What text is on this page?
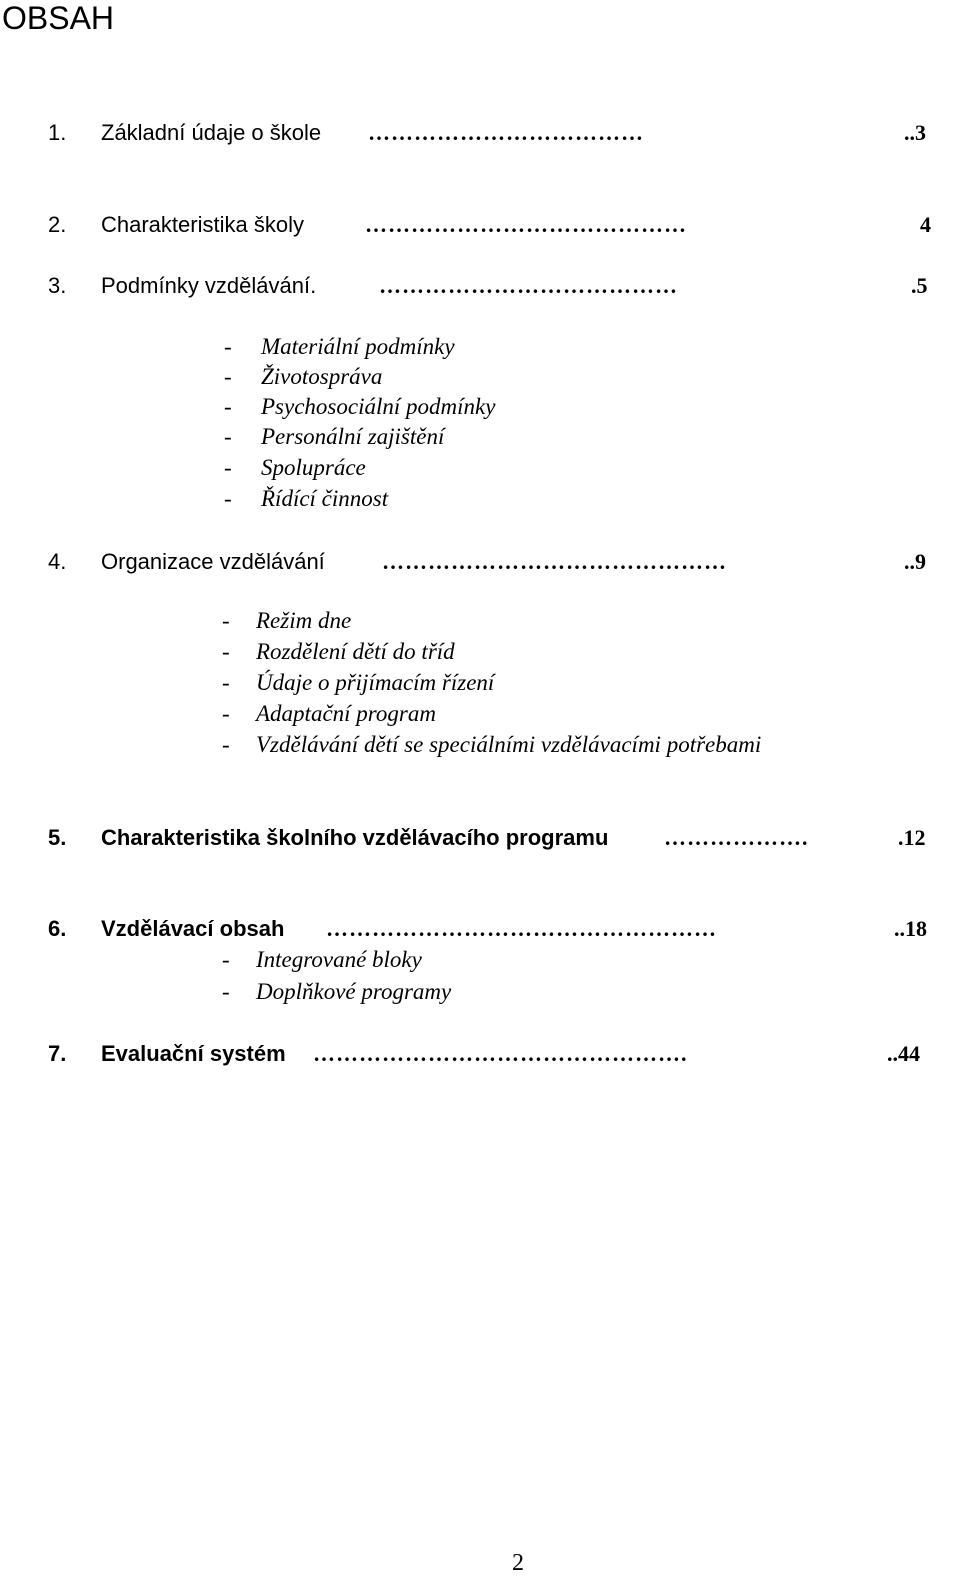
OBSAH
1. Základní údaje o škole ………………………………	..3
2. Charakteristika školy	……………………………………	4
3. Podmínky vzdělávání.	…………………………………	.5
- Materiální podmínky
- Životospráva
- Psychosociální podmínky
- Personální zajištění
- Spolupráce
- Řídící činnost
4. Organizace vzdělávání	………………………………………	..9
- Režim dne
- Rozdělení dětí do tříd
- Údaje o přijímacím řízení
- Adaptační program
- Vzdělávání dětí se speciálními vzdělávacími potřebami
5. Charakteristika školního vzdělávacího programu	……………….	.12
6. Vzdělávací obsah ……………………………………………	..18
- Integrované bloky
- Doplňkové programy
7. Evaluační systém ………………………………………….	..44
2
